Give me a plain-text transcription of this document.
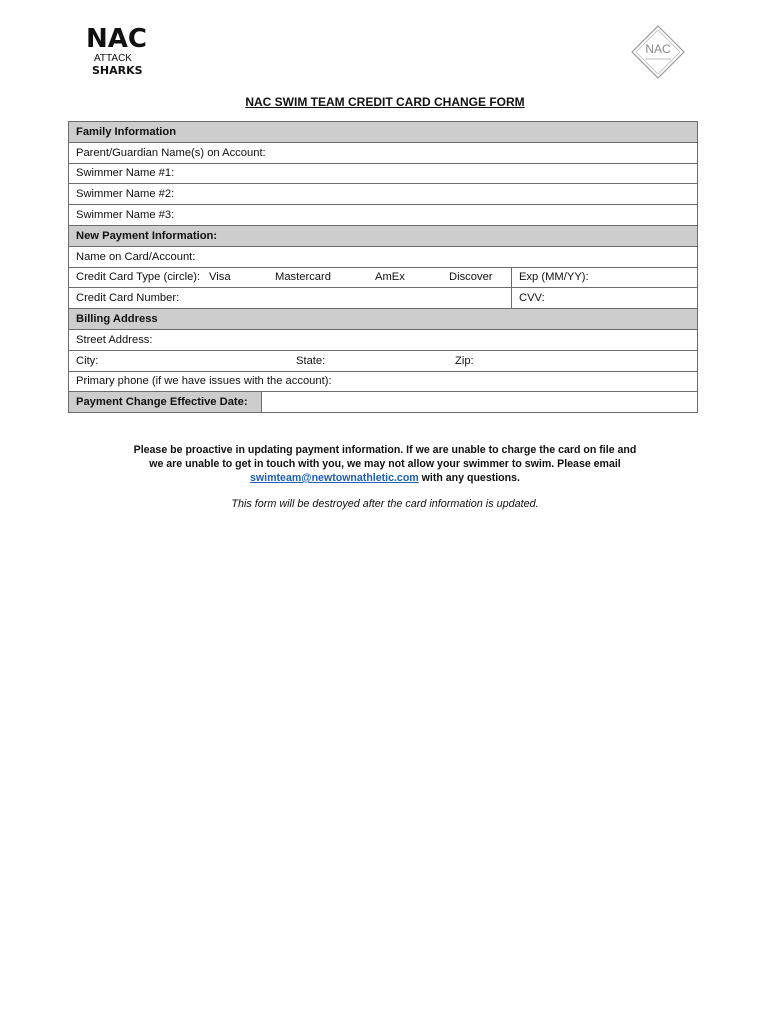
NAC
ATTACK
SHARKS
NAC
NAC SWIM TEAM CREDIT CARD CHANGE FORM
Family Information		
Parent/Guardian Name(s) on Account:		
Swimmer Name #1:		
Swimmer Name #2:		
Swimmer Name #3:		
New Payment Information:		
Name on Card/Account:		

Credit Card Type (circle): Visa Mastercard AmEx Discover		Exp (MM/YY):
Credit Card Number:		CVV:
Billing Address		
Street Address:		

City: State: Zip:		

Primary phone (if we have issues with the account):		
Payment Change Effective Date:		
Please be proactive in updating payment information. If we are unable to charge the card on file and
we are unable to get in touch with you, we may not allow your swimmer to swim. Please email
swimteam@newtownathletic.com with any questions.
This form will be destroyed after the card information is updated.
